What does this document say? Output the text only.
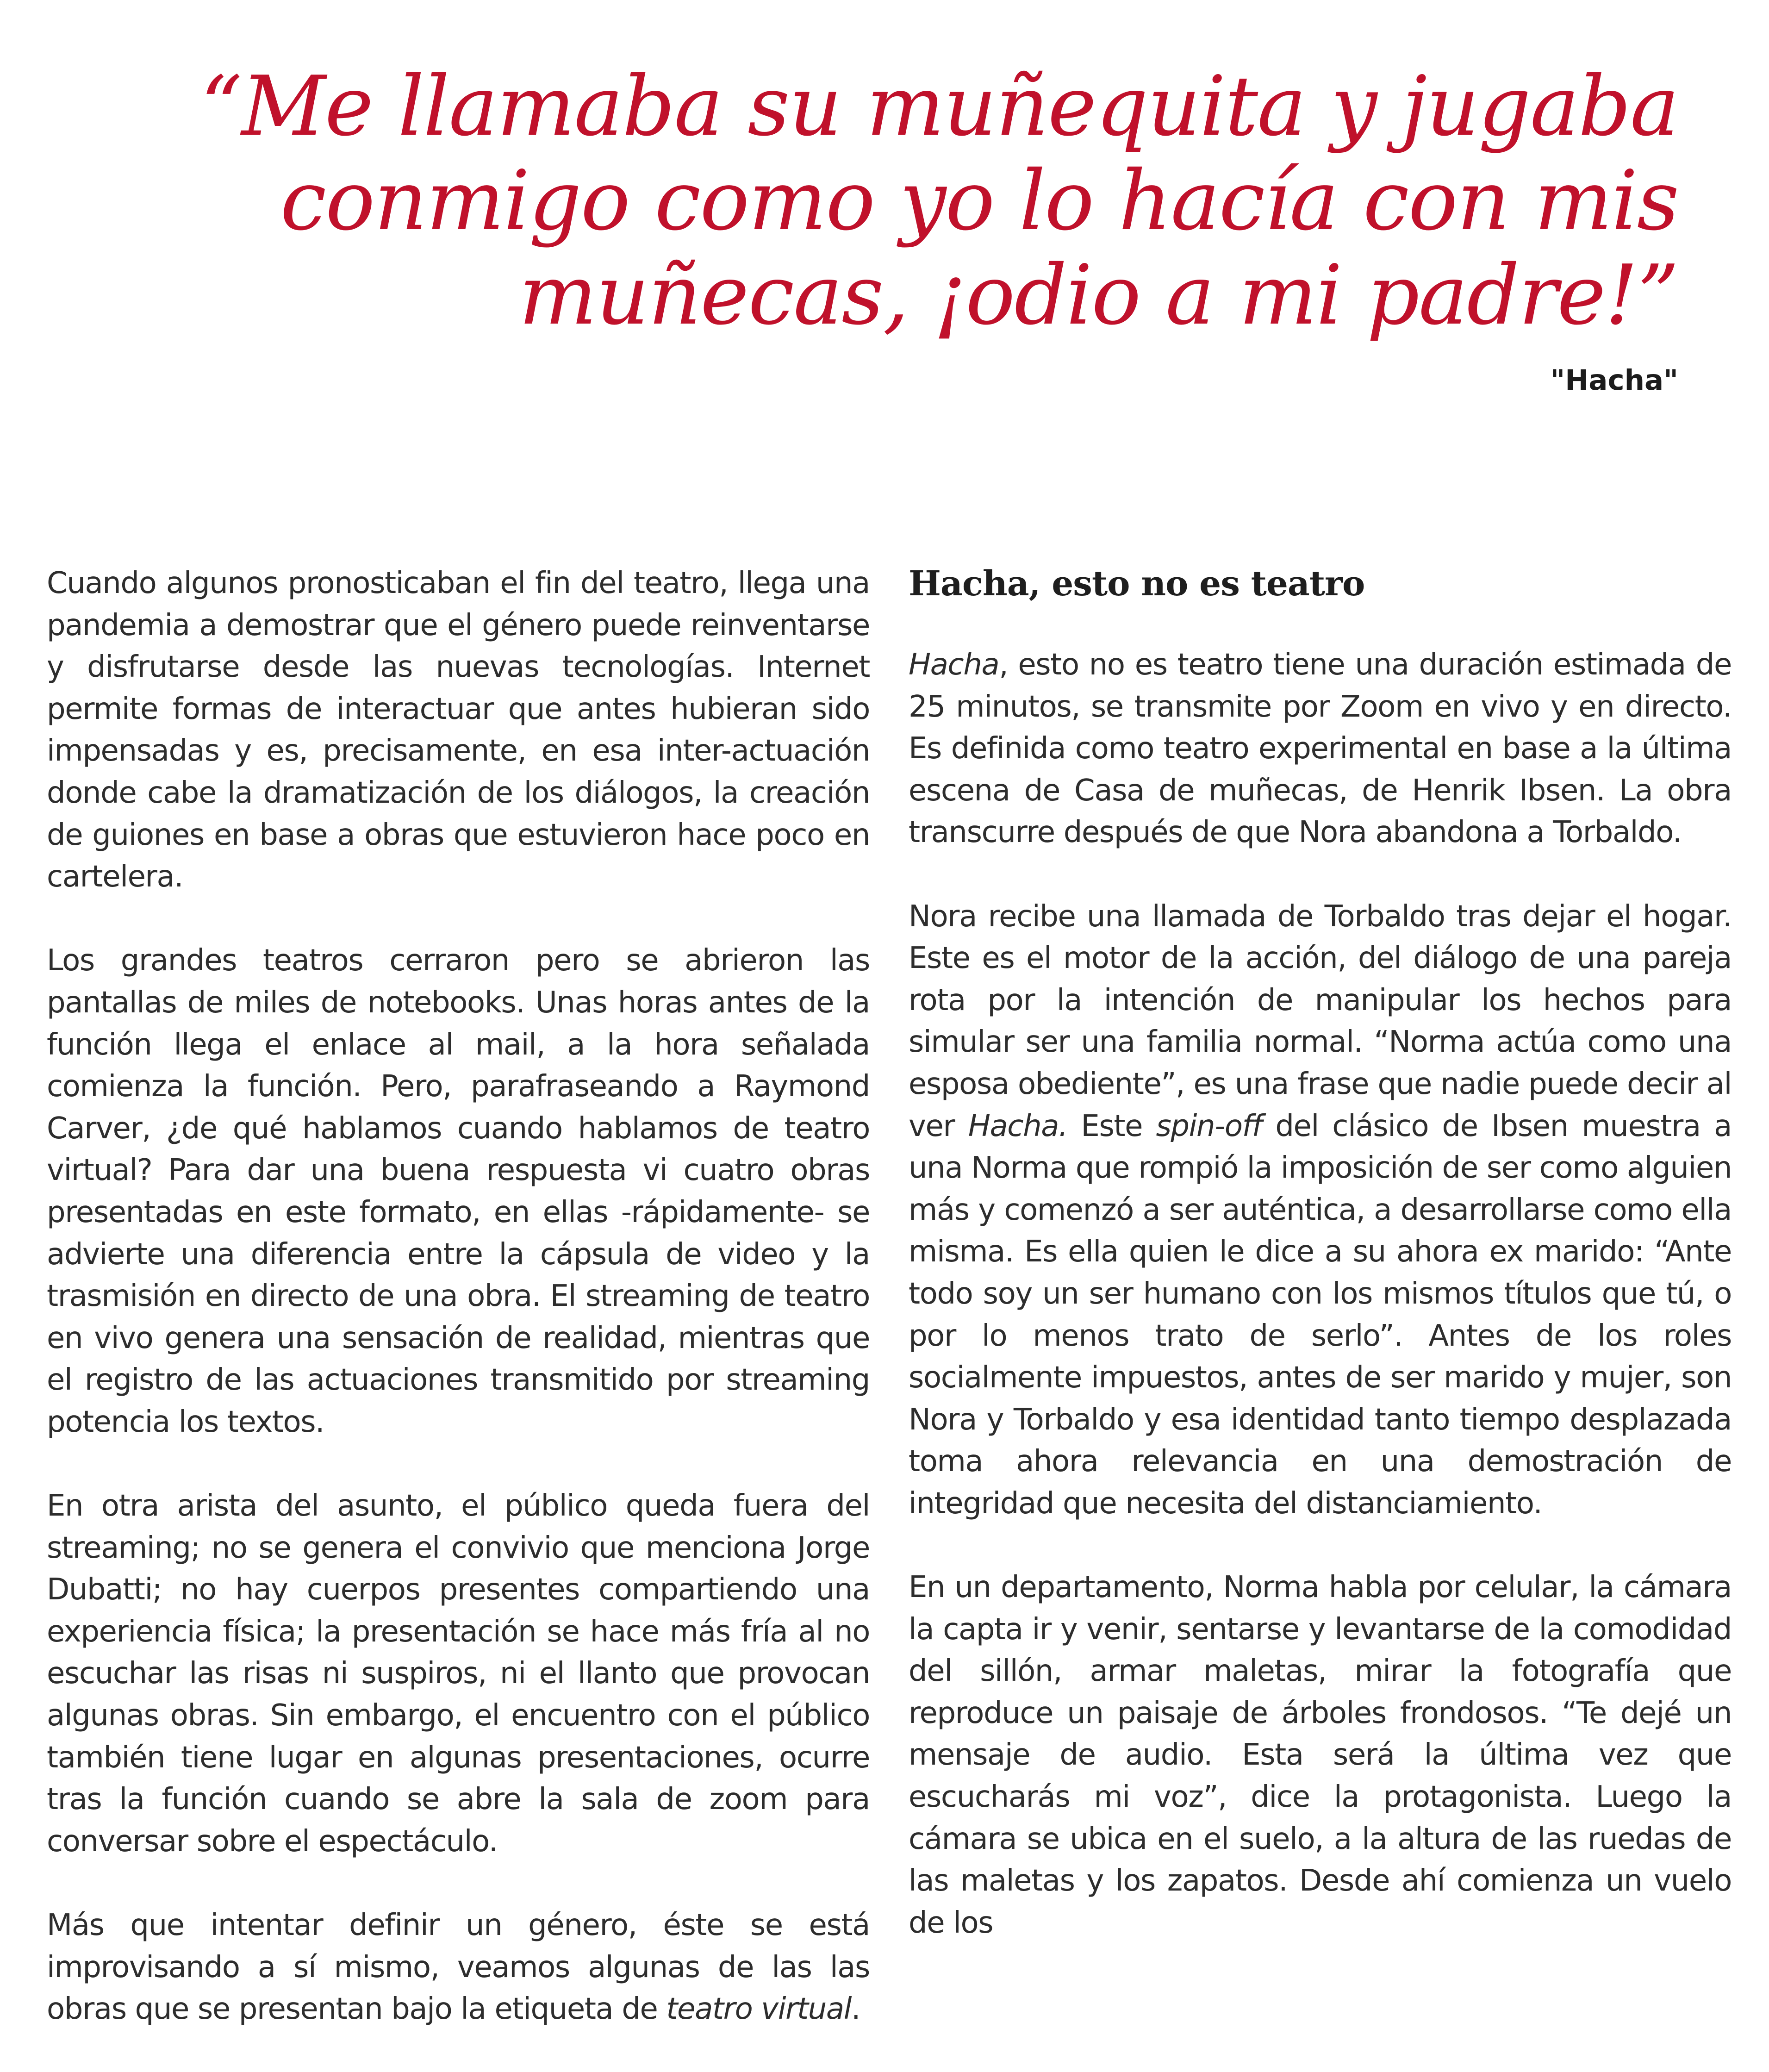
“Me llamaba su muñequita y jugaba conmigo como yo lo hacía con mis muñecas, ¡odio a mi padre!”

"Hacha"

Cuando algunos pronosticaban el fin del teatro, llega una pandemia a demostrar que el género puede reinventarse y disfrutarse desde las nuevas tecnologías. Internet permite formas de interactuar que antes hubieran sido impensadas y es, precisamente, en esa inter-actuación donde cabe la dramatización de los diálogos, la creación de guiones en base a obras que estuvieron hace poco en cartelera.

Los grandes teatros cerraron pero se abrieron las pantallas de miles de notebooks. Unas horas antes de la función llega el enlace al mail, a la hora señalada comienza la función. Pero, parafraseando a Raymond Carver, ¿de qué hablamos cuando hablamos de teatro virtual? Para dar una buena respuesta vi cuatro obras presentadas en este formato, en ellas -rápidamente- se advierte una diferencia entre la cápsula de video y la trasmisión en directo de una obra. El streaming de teatro en vivo genera una sensación de realidad, mientras que el registro de las actuaciones transmitido por streaming potencia los textos.

En otra arista del asunto, el público queda fuera del streaming; no se genera el convivio que menciona Jorge Dubatti; no hay cuerpos presentes compartiendo una experiencia física; la presentación se hace más fría al no escuchar las risas ni suspiros, ni el llanto que provocan algunas obras. Sin embargo, el encuentro con el público también tiene lugar en algunas presentaciones, ocurre tras la función cuando se abre la sala de zoom para conversar sobre el espectáculo.

Más que intentar definir un género, éste se está improvisando a sí mismo, veamos algunas de las las obras que se presentan bajo la etiqueta de teatro virtual.

Hacha, esto no es teatro

Hacha, esto no es teatro tiene una duración estimada de 25 minutos, se transmite por Zoom en vivo y en directo. Es definida como teatro experimental en base a la última escena de Casa de muñecas, de Henrik Ibsen. La obra transcurre después de que Nora abandona a Torbaldo.

Nora recibe una llamada de Torbaldo tras dejar el hogar. Este es el motor de la acción, del diálogo de una pareja rota por la intención de manipular los hechos para simular ser una familia normal. “Norma actúa como una esposa obediente”, es una frase que nadie puede decir al ver Hacha. Este spin-off del clásico de Ibsen muestra a una Norma que rompió la imposición de ser como alguien más y comenzó a ser auténtica, a desarrollarse como ella misma. Es ella quien le dice a su ahora ex marido: “Ante todo soy un ser humano con los mismos títulos que tú, o por lo menos trato de serlo”. Antes de los roles socialmente impuestos, antes de ser marido y mujer, son Nora y Torbaldo y esa identidad tanto tiempo desplazada toma ahora relevancia en una demostración de integridad que necesita del distanciamiento.

En un departamento, Norma habla por celular, la cámara la capta ir y venir, sentarse y levantarse de la comodidad del sillón, armar maletas, mirar la fotografía que reproduce un paisaje de árboles frondosos. “Te dejé un mensaje de audio. Esta será la última vez que escucharás mi voz”, dice la protagonista. Luego la cámara se ubica en el suelo, a la altura de las ruedas de las maletas y los zapatos. Desde ahí comienza un vuelo de los
